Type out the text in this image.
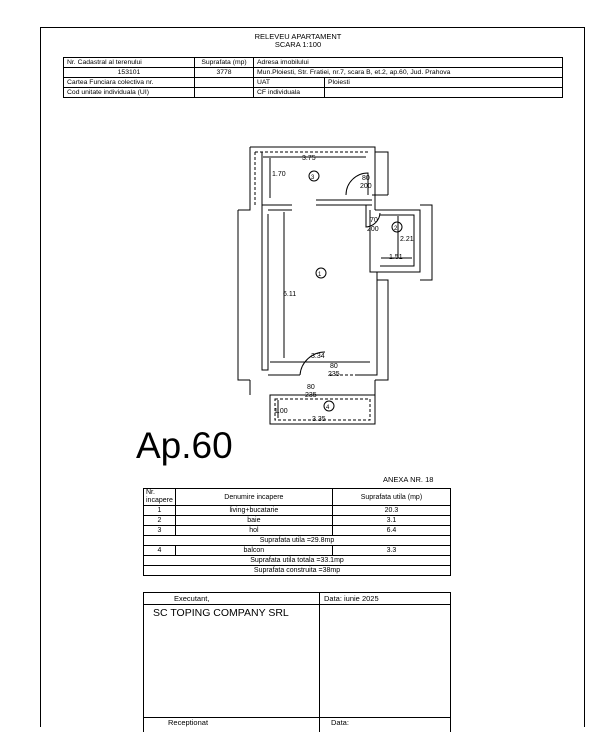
RELEVEU APARTAMENT
SCARA 1:100
Nr. Cadastral al terenului	Suprafata (mp)	Adresa imobilului	
153101	3778	Mun.Ploiesti, Str. Fratiei, nr.7, scara B, et.2, ap.60, Jud. Prahova	
Cartea Funciara colectiva nr.		UAT	Ploiesti
Cod unitate individuala (UI)		CF individuala	
3.75
1.70	3	80
200
70
200	2
2.21
1.51
1
6.11
3.34
80
235
80
235
1.00	4
3.35
Ap.60
ANEXA NR. 18
Nr. incapere	Denumire incapere	Suprafata utila (mp)
1	living+bucatarie	20.3
2	baie	3.1
3	hol	6.4
Suprafata utila =29.8mp		
4	balcon	3.3
Suprafata utila totala =33.1mp		
Suprafata construita =38mp		
Executant,	Data: iunie 2025
SC TOPING COMPANY SRL
Receptionat	Data:
